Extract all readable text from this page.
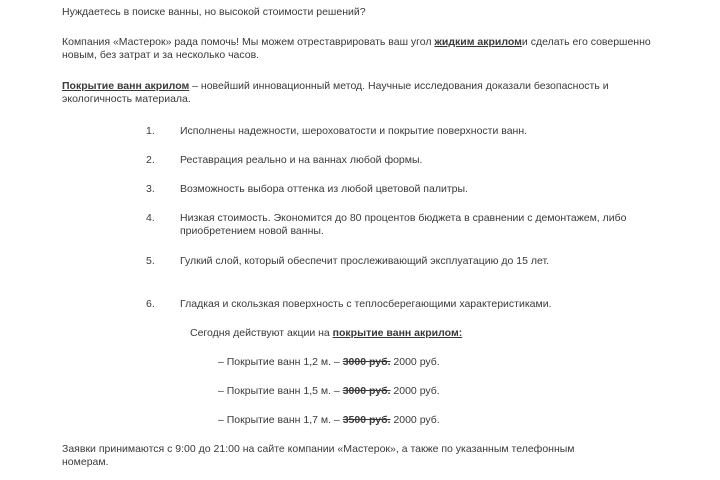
Нуждаетесь в поиске ванны, но высокой стоимости решений?

Компания «Мастерок» рада помочь! Мы можем отреставрировать ваш угол жидким акриломи сделать его совершенно новым, без затрат и за несколько часов.

Покрытие ванн акрилом – новейший инновационный метод. Научные исследования доказали безопасность и экологичность материала.

1.	Исполнены надежности, шероховатости и покрытие поверхности ванн.
2.	Реставрация реально и на ваннах любой формы.
3.	Возможность выбора оттенка из любой цветовой палитры.
4.	Низкая стоимость. Экономится до 80 процентов бюджета в сравнении с демонтажем, либо приобретением новой ванны.
5.	Гулкий слой, который обеспечит прослеживающий эксплуатацию до 15 лет.
6.	Гладкая и скользкая поверхность с теплосберегающими характеристиками.

Сегодня действуют акции на покрытие ванн акрилом:

– Покрытие ванн 1,2 м. – 3000 руб. 2000 руб.
– Покрытие ванн 1,5 м. – 3000 руб. 2000 руб.
– Покрытие ванн 1,7 м. – 3500 руб. 2000 руб.

Заявки принимаются с 9:00 до 21:00 на сайте компании «Мастерок», а также по указанным телефонным номерам.
